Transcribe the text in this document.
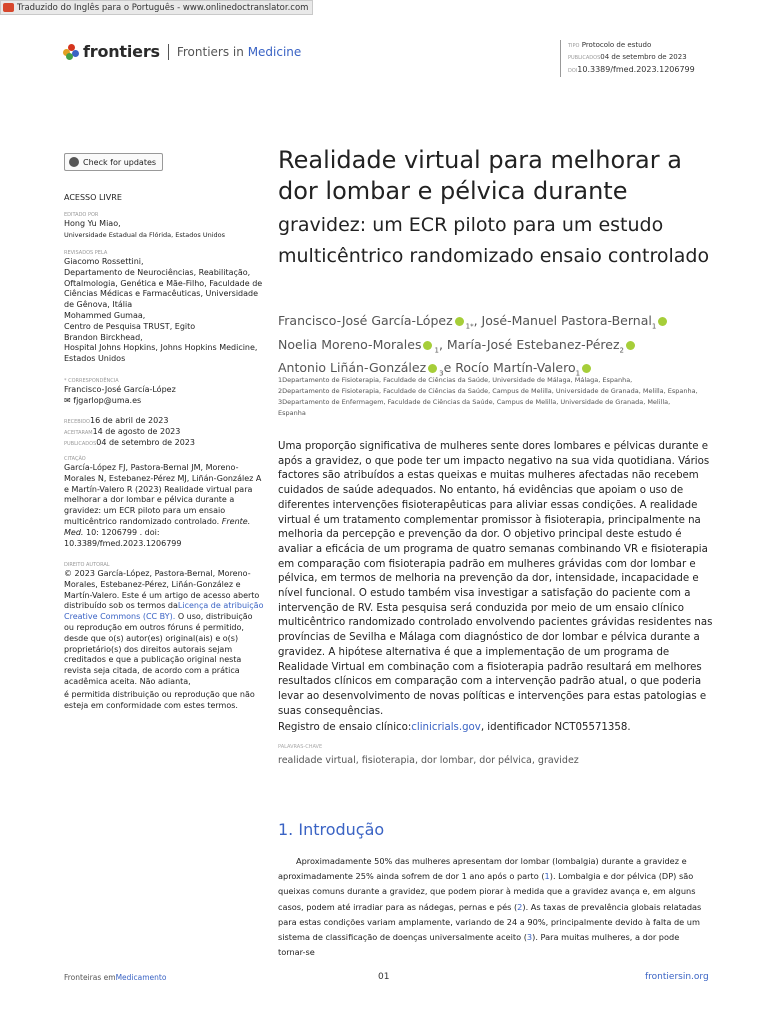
Traduzido do Inglês para o Português - www.onlinedoctranslator.com
frontiers Frontiers in Medicine	TIPO Protocolo de estudo
PUBLICADOS04 de setembro de 2023
DOI10.3389/fmed.2023.1206799
Check for updates
ACESSO LIVRE
EDITADO POR
Hong Yu Miao,
Universidade Estadual da Flórida, Estados Unidos
REVISADOS PELA
Giacomo Rossettini,
Departamento de Neurociências, Reabilitação, Oftalmologia, Genética e Mãe-Filho, Faculdade de Ciências Médicas e Farmacêuticas, Universidade de Gênova, Itália
Mohammed Gumaa,
Centro de Pesquisa TRUST, Egito
Brandon Birckhead,
Hospital Johns Hopkins, Johns Hopkins Medicine, Estados Unidos
* CORRESPONDÊNCIA
Francisco-José García-López
✉ fjgarlop@uma.es
RECEBIDO16 de abril de 2023
ACEITARAM14 de agosto de 2023
PUBLICADOS04 de setembro de 2023
CITAÇÃO
García-López FJ, Pastora-Bernal JM, Moreno-Morales N, Estebanez-Pérez MJ, Liñán-González A e Martín-Valero R (2023) Realidade virtual para melhorar a dor lombar e pélvica durante a gravidez: um ECR piloto para um ensaio multicêntrico randomizado controlado. Frente. Med. 10: 1206799 . doi: 10.3389/fmed.2023.1206799
DIREITO AUTORAL
© 2023 García-López, Pastora-Bernal, Moreno-Morales, Estebanez-Pérez, Liñán-González e Martín-Valero. Este é um artigo de acesso aberto distribuído sob os termos daLicença de atribuição Creative Commons (CC BY). O uso, distribuição ou reprodução em outros fóruns é permitido, desde que o(s) autor(es) original(ais) e o(s) proprietário(s) dos direitos autorais sejam creditados e que a publicação original nesta revista seja citada, de acordo com a prática acadêmica aceita. Não adianta,
é permitida distribuição ou reprodução que não esteja em conformidade com estes termos.
Realidade virtual para melhorar a dor lombar e pélvica durante
gravidez: um ECR piloto para um estudo multicêntrico randomizado ensaio controlado
Francisco-José García-López $_{1*}$, José-Manuel Pastora-Bernal$_1$
Noelia Moreno-Morales $_1$, María-José Estebanez-Pérez$_2$
Antonio Liñán-González $_3$e Rocío Martín-Valero$_1$
1Departamento de Fisioterapia, Faculdade de Ciências da Saúde, Universidade de Málaga, Málaga, Espanha,
2Departamento de Fisioterapia, Faculdade de Ciências da Saúde, Campus de Melilla, Universidade de Granada, Melilla, Espanha,
3Departamento de Enfermagem, Faculdade de Ciências da Saúde, Campus de Melilla, Universidade de Granada, Melilla, Espanha
Uma proporção significativa de mulheres sente dores lombares e pélvicas durante e após a gravidez, o que pode ter um impacto negativo na sua vida quotidiana. Vários factores são atribuídos a estas queixas e muitas mulheres afectadas não recebem cuidados de saúde adequados. No entanto, há evidências que apoiam o uso de diferentes intervenções fisioterapêuticas para aliviar essas condições. A realidade virtual é um tratamento complementar promissor à fisioterapia, principalmente na melhoria da percepção e prevenção da dor. O objetivo principal deste estudo é avaliar a eficácia de um programa de quatro semanas combinando VR e fisioterapia em comparação com fisioterapia padrão em mulheres grávidas com dor lombar e pélvica, em termos de melhoria na prevenção da dor, intensidade, incapacidade e nível funcional. O estudo também visa investigar a satisfação do paciente com a intervenção de RV. Esta pesquisa será conduzida por meio de um ensaio clínico multicêntrico randomizado controlado envolvendo pacientes grávidas residentes nas províncias de Sevilha e Málaga com diagnóstico de dor lombar e pélvica durante a gravidez. A hipótese alternativa é que a implementação de um programa de Realidade Virtual em combinação com a fisioterapia padrão resultará em melhores resultados clínicos em comparação com a intervenção padrão atual, o que poderia levar ao desenvolvimento de novas políticas e intervenções para estas patologias e suas consequências.
Registro de ensaio clínico:clinicrials.gov, identificador NCT05571358.
PALAVRAS-CHAVE
realidade virtual, fisioterapia, dor lombar, dor pélvica, gravidez
1. Introdução
Aproximadamente 50% das mulheres apresentam dor lombar (lombalgia) durante a gravidez e aproximadamente 25% ainda sofrem de dor 1 ano após o parto (1). Lombalgia e dor pélvica (DP) são queixas comuns durante a gravidez, que podem piorar à medida que a gravidez avança e, em alguns casos, podem até irradiar para as nádegas, pernas e pés (2). As taxas de prevalência globais relatadas para estas condições variam amplamente, variando de 24 a 90%, principalmente devido à falta de um sistema de classificação de doenças universalmente aceito (3). Para muitas mulheres, a dor pode tornar-se
Fronteiras emMedicamento	01	frontiersin.org
